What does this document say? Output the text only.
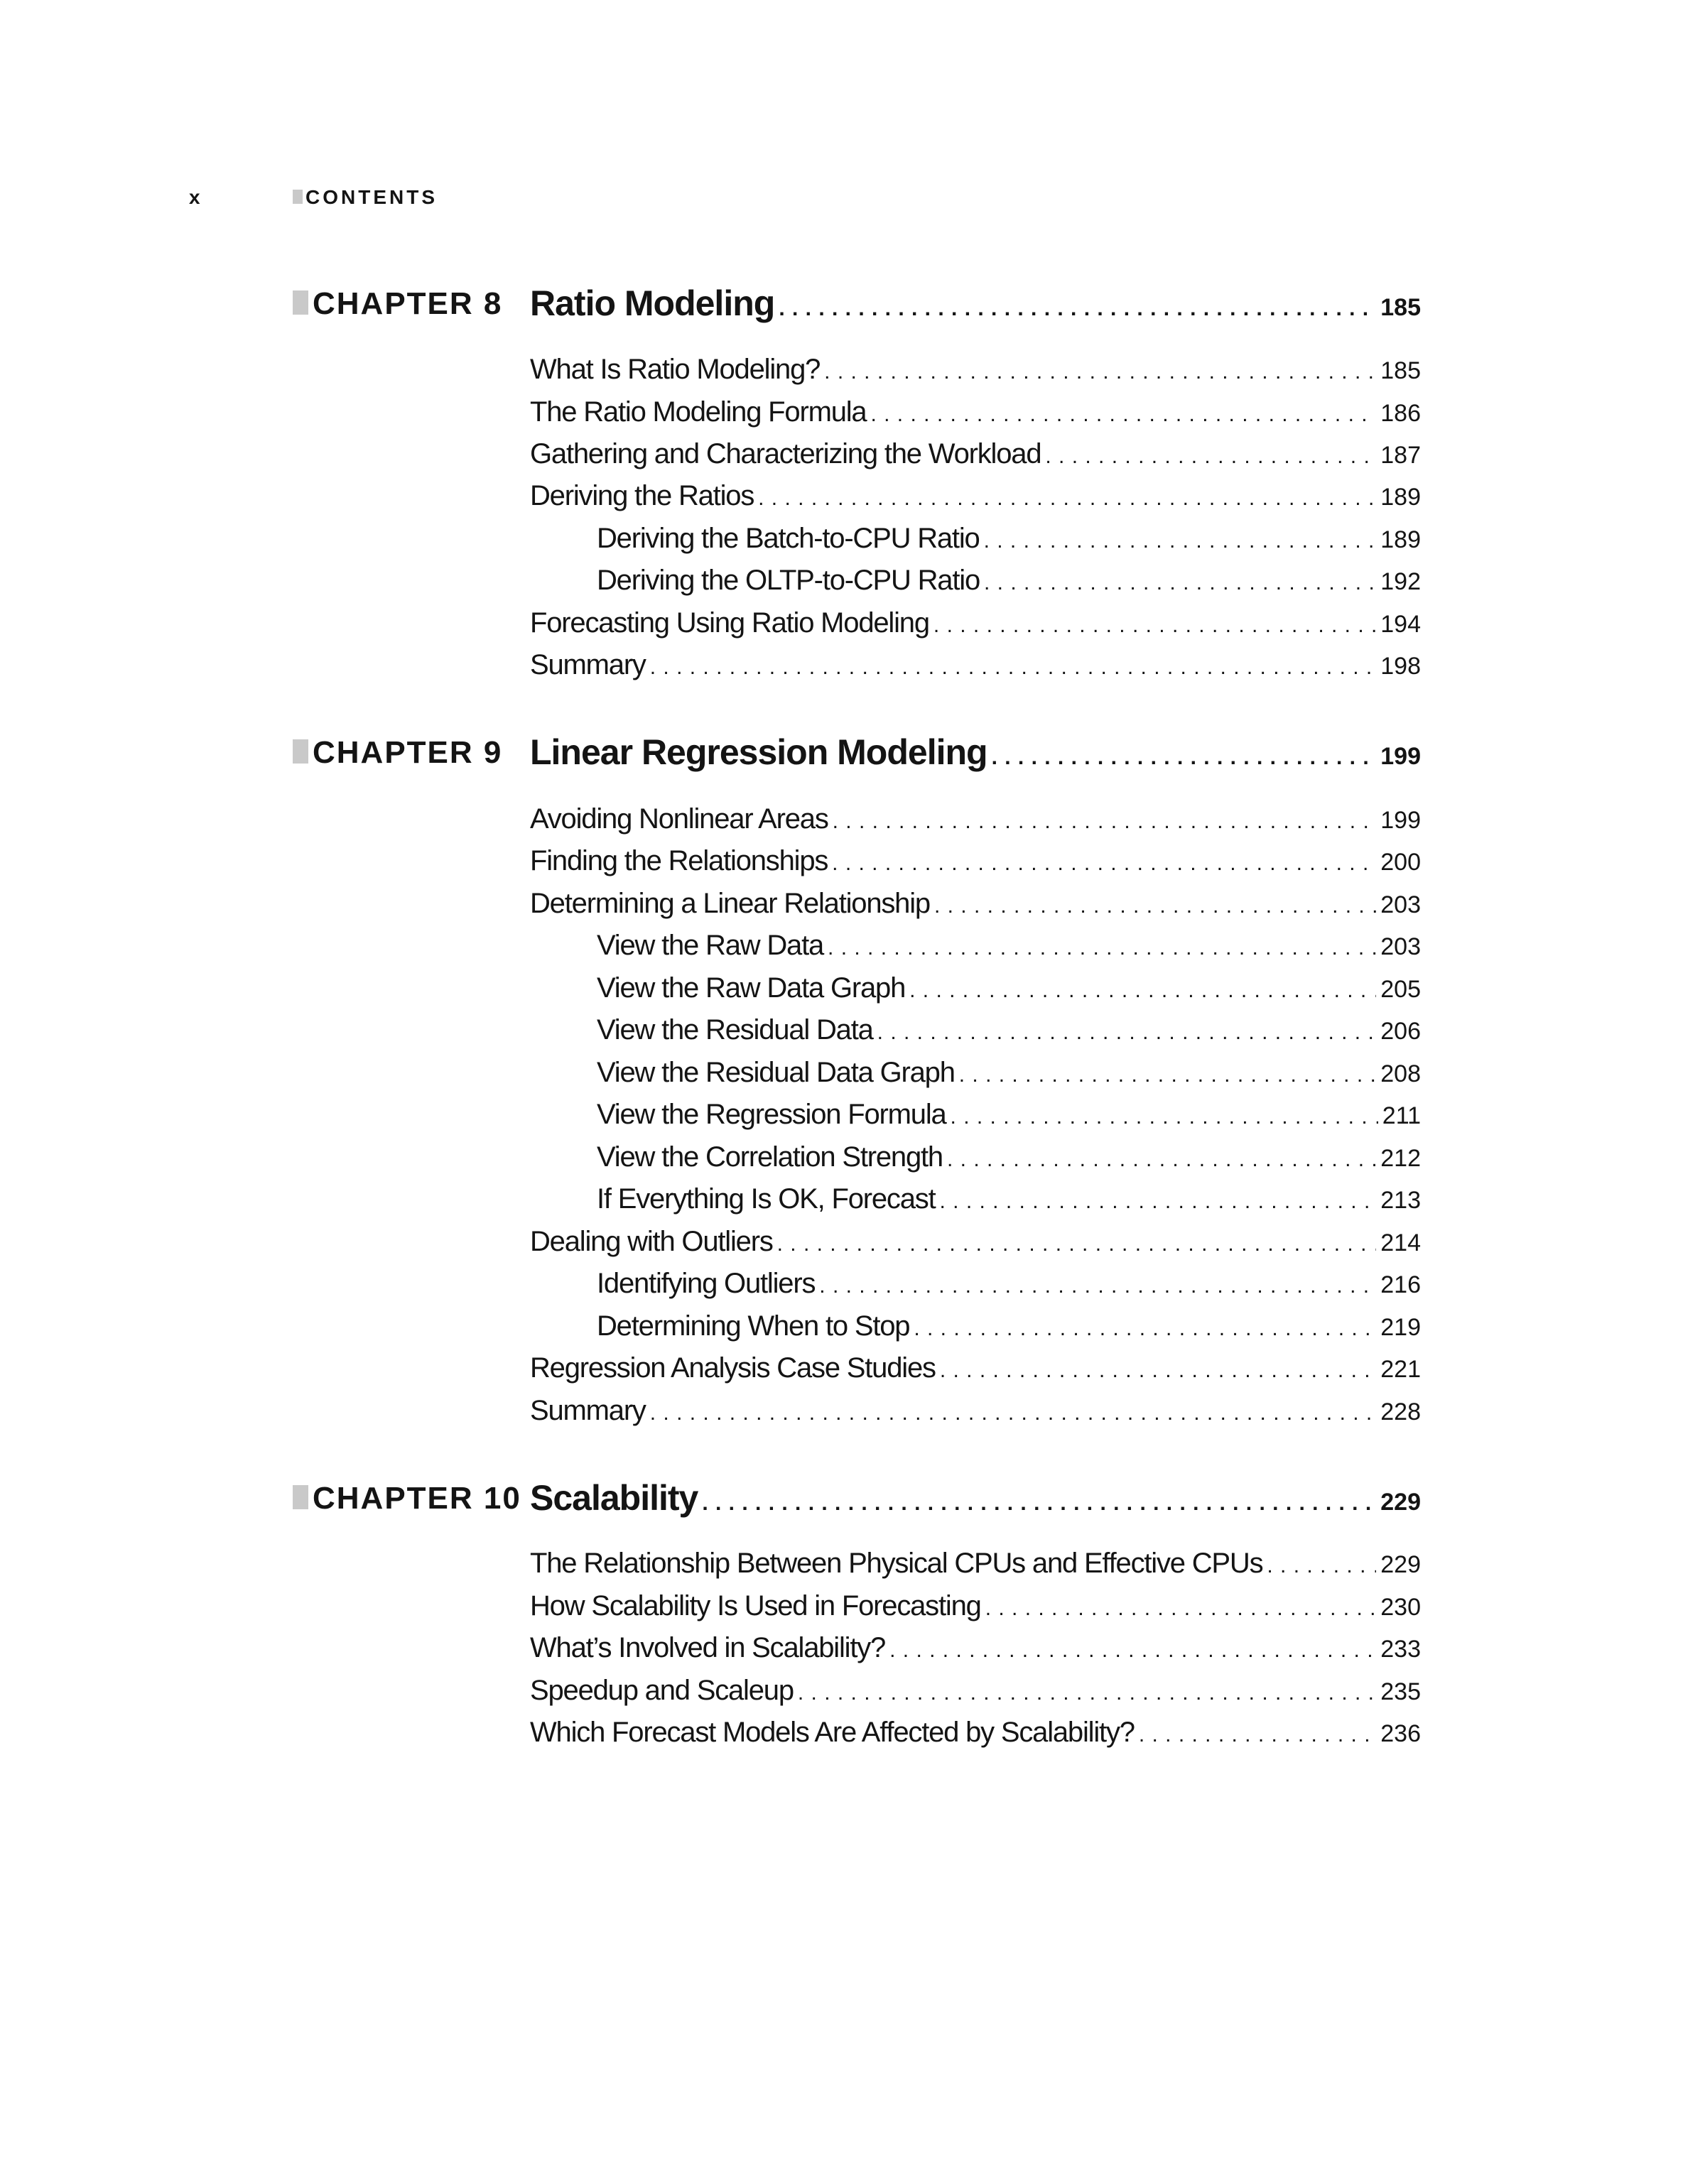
x	CONTENTS
CHAPTER 8 Ratio Modeling . . .	185
What Is Ratio Modeling? . . .	185
The Ratio Modeling Formula . . .	186
Gathering and Characterizing the Workload . . .	187
Deriving the Ratios . . .	189
Deriving the Batch-to-CPU Ratio . . .	189
Deriving the OLTP-to-CPU Ratio . . .	192
Forecasting Using Ratio Modeling . . .	194
Summary . . .	198
CHAPTER 9 Linear Regression Modeling . . .	199
Avoiding Nonlinear Areas . . .	199
Finding the Relationships . . .	200
Determining a Linear Relationship . . .	203
View the Raw Data . . .	203
View the Raw Data Graph . . .	205
View the Residual Data . . .	206
View the Residual Data Graph . . .	208
View the Regression Formula . . .	211
View the Correlation Strength . . .	212
If Everything Is OK, Forecast . . .	213
Dealing with Outliers . . .	214
Identifying Outliers . . .	216
Determining When to Stop . . .	219
Regression Analysis Case Studies . . .	221
Summary . . .	228
CHAPTER 10 Scalability . . .	229
The Relationship Between Physical CPUs and Effective CPUs . . .	229
How Scalability Is Used in Forecasting . . .	230
What’s Involved in Scalability? . . .	233
Speedup and Scaleup . . .	235
Which Forecast Models Are Affected by Scalability? . . .	236
